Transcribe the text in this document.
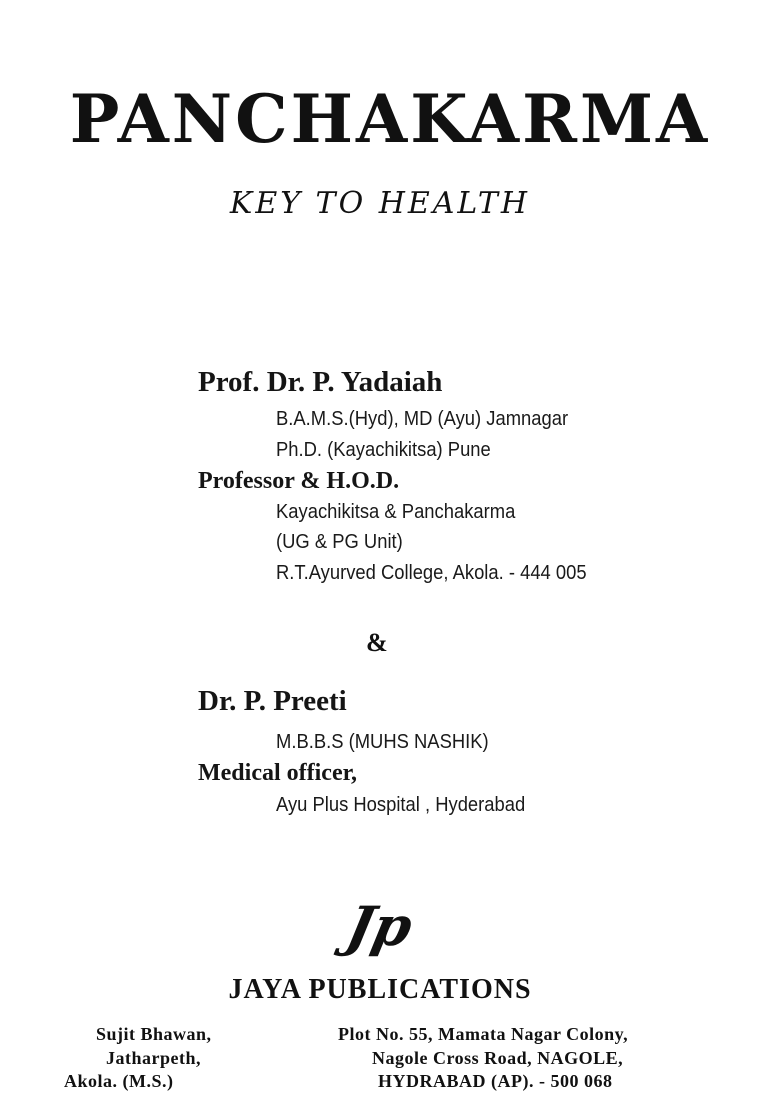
PANCHAKARMA
KEY TO HEALTH
Prof. Dr. P. Yadaiah
B.A.M.S.(Hyd), MD (Ayu) Jamnagar
Ph.D. (Kayachikitsa) Pune
Professor & H.O.D.
Kayachikitsa & Panchakarma
(UG & PG Unit)
R.T.Ayurved College, Akola. - 444 005
&
Dr. P. Preeti
M.B.B.S (MUHS NASHIK)
Medical officer,
Ayu Plus Hospital , Hyderabad
Jp
JAYA PUBLICATIONS
Sujit Bhawan,
Jatharpeth,
Akola. (M.S.)
Plot No. 55, Mamata Nagar Colony,
Nagole Cross Road, NAGOLE,
HYDRABAD (AP). - 500 068
